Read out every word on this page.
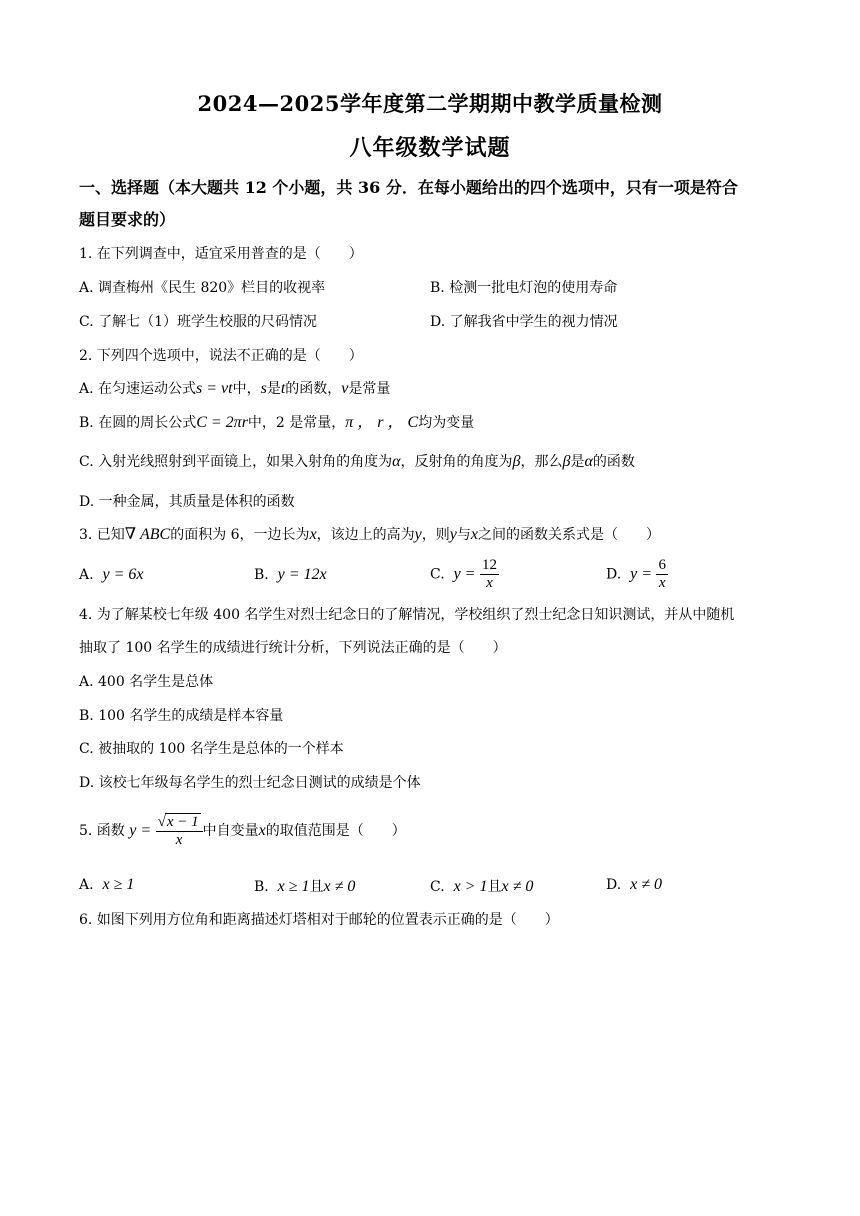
2024—2025学年度第二学期期中教学质量检测
八年级数学试题
一、选择题（本大题共 12 个小题，共 36 分．在每小题给出的四个选项中，只有一项是符合
题目要求的）
1. 在下列调查中，适宜采用普查的是（　　）
A. 调查梅州《民生 820》栏目的收视率	B. 检测一批电灯泡的使用寿命
C. 了解七（1）班学生校服的尺码情况	D. 了解我省中学生的视力情况
2. 下列四个选项中，说法不正确的是（　　）
A. 在匀速运动公式s = vt中，s是t的函数，v是常量
B. 在圆的周长公式C = 2πr中，2 是常量，π ， r ， C均为变量
C. 入射光线照射到平面镜上，如果入射角的角度为α，反射角的角度为β，那么β是α的函数
D. 一种金属，其质量是体积的函数
3. 已知∇ ABC的面积为 6，一边长为x，该边上的高为y，则y与x之间的函数关系式是（　　）
A. y = 6x	B. y = 12x	C. $y = \frac{12}{x}$	D. $y = \frac{6}{x}$
4. 为了解某校七年级 400 名学生对烈士纪念日的了解情况，学校组织了烈士纪念日知识测试，并从中随机
抽取了 100 名学生的成绩进行统计分析，下列说法正确的是（　　）
A. 400 名学生是总体
B. 100 名学生的成绩是样本容量
C. 被抽取的 100 名学生是总体的一个样本
D. 该校七年级每名学生的烈士纪念日测试的成绩是个体
5. 函数 $y = \frac{√x - 1}{x}$ 中自变量x的取值范围是（　　）
A. x ≥ 1	B. x ≥ 1且x ≠ 0	C. x > 1且x ≠ 0	D. x ≠ 0
6. 如图下列用方位角和距离描述灯塔相对于邮轮的位置表示正确的是（　　）
